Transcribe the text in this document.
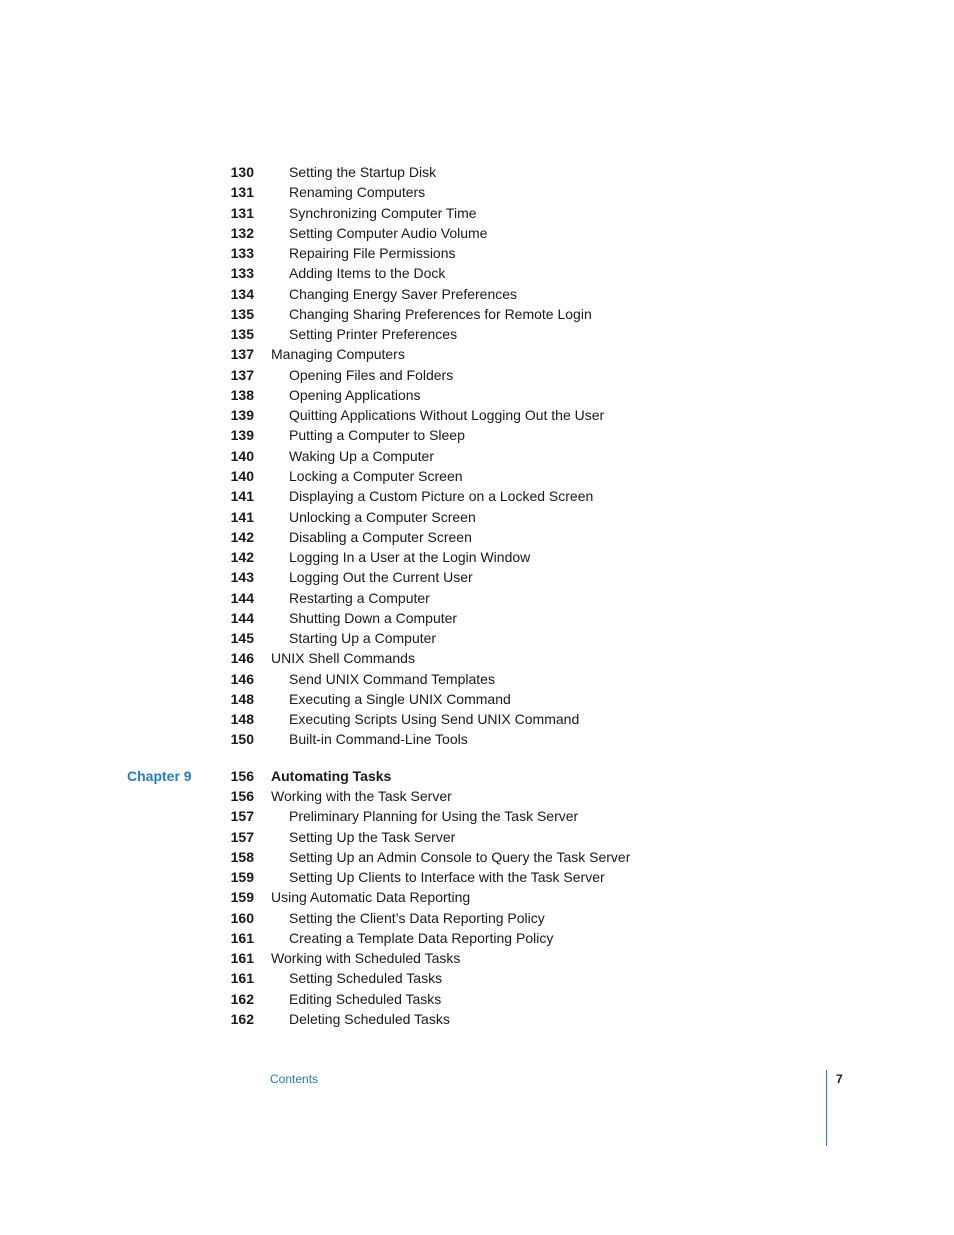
130	Setting the Startup Disk
131	Renaming Computers
131	Synchronizing Computer Time
132	Setting Computer Audio Volume
133	Repairing File Permissions
133	Adding Items to the Dock
134	Changing Energy Saver Preferences
135	Changing Sharing Preferences for Remote Login
135	Setting Printer Preferences
137 Managing Computers
137	Opening Files and Folders
138	Opening Applications
139	Quitting Applications Without Logging Out the User
139	Putting a Computer to Sleep
140	Waking Up a Computer
140	Locking a Computer Screen
141	Displaying a Custom Picture on a Locked Screen
141	Unlocking a Computer Screen
142	Disabling a Computer Screen
142	Logging In a User at the Login Window
143	Logging Out the Current User
144	Restarting a Computer
144	Shutting Down a Computer
145	Starting Up a Computer
146 UNIX Shell Commands
146	Send UNIX Command Templates
148	Executing a Single UNIX Command
148	Executing Scripts Using Send UNIX Command
150	Built-in Command-Line Tools
Chapter 9	156 Automating Tasks
156 Working with the Task Server
157	Preliminary Planning for Using the Task Server
157	Setting Up the Task Server
158	Setting Up an Admin Console to Query the Task Server
159	Setting Up Clients to Interface with the Task Server
159 Using Automatic Data Reporting
160	Setting the Client’s Data Reporting Policy
161	Creating a Template Data Reporting Policy
161 Working with Scheduled Tasks
161	Setting Scheduled Tasks
162	Editing Scheduled Tasks
162	Deleting Scheduled Tasks
Contents	7
